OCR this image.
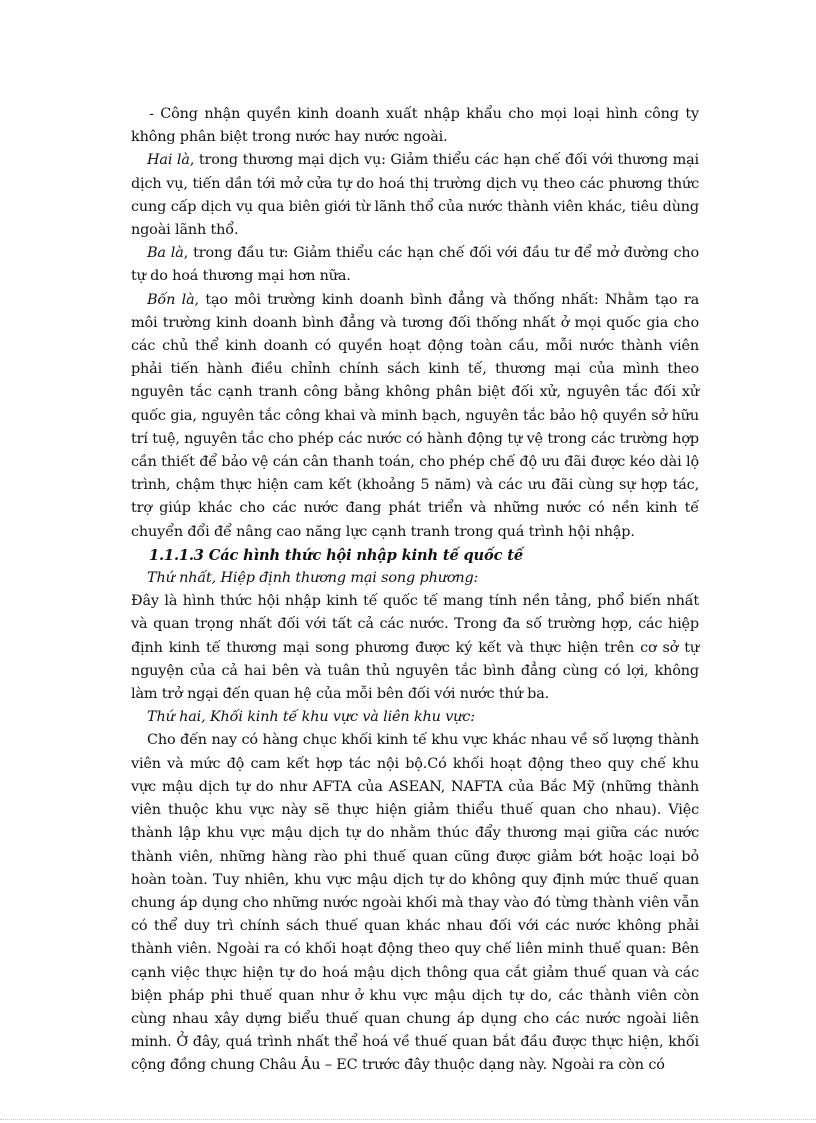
- Công nhận quyền kinh doanh xuất nhập khẩu cho mọi loại hình công ty không phân biệt trong nước hay nước ngoài.

Hai là, trong thương mại dịch vụ: Giảm thiểu các hạn chế đối với thương mại dịch vụ, tiến dần tới mở cửa tự do hoá thị trường dịch vụ theo các phương thức cung cấp dịch vụ qua biên giới từ lãnh thổ của nước thành viên khác, tiêu dùng ngoài lãnh thổ.

Ba là, trong đầu tư: Giảm thiểu các hạn chế đối với đầu tư để mở đường cho tự do hoá thương mại hơn nữa.

Bốn là, tạo môi trường kinh doanh bình đẳng và thống nhất: Nhằm tạo ra môi trường kinh doanh bình đẳng và tương đối thống nhất ở mọi quốc gia cho các chủ thể kinh doanh có quyền hoạt động toàn cầu, mỗi nước thành viên phải tiến hành điều chỉnh chính sách kinh tế, thương mại của mình theo nguyên tắc cạnh tranh công bằng không phân biệt đối xử, nguyên tắc đối xử quốc gia, nguyên tắc công khai và minh bạch, nguyên tắc bảo hộ quyền sở hữu trí tuệ, nguyên tắc cho phép các nước có hành động tự vệ trong các trường hợp cần thiết để bảo vệ cán cân thanh toán, cho phép chế độ ưu đãi được kéo dài lộ trình, chậm thực hiện cam kết (khoảng 5 năm) và các ưu đãi cùng sự hợp tác, trợ giúp khác cho các nước đang phát triển và những nước có nền kinh tế chuyển đổi để nâng cao năng lực cạnh tranh trong quá trình hội nhập.

1.1.1.3 Các hình thức hội nhập kinh tế quốc tế

Thứ nhất, Hiệp định thương mại song phương:

Đây là hình thức hội nhập kinh tế quốc tế mang tính nền tảng, phổ biến nhất và quan trọng nhất đối với tất cả các nước. Trong đa số trường hợp, các hiệp định kinh tế thương mại song phương được ký kết và thực hiện trên cơ sở tự nguyện của cả hai bên và tuân thủ nguyên tắc bình đẳng cùng có lợi, không làm trở ngại đến quan hệ của mỗi bên đối với nước thứ ba.

Thứ hai, Khối kinh tế khu vực và liên khu vực:

Cho đến nay có hàng chục khối kinh tế khu vực khác nhau về số lượng thành viên và mức độ cam kết hợp tác nội bộ.Có khối hoạt động theo quy chế khu vực mậu dịch tự do như AFTA của ASEAN, NAFTA của Bắc Mỹ (những thành viên thuộc khu vực này sẽ thực hiện giảm thiểu thuế quan cho nhau). Việc thành lập khu vực mậu dịch tự do nhằm thúc đẩy thương mại giữa các nước thành viên, những hàng rào phi thuế quan cũng được giảm bớt hoặc loại bỏ hoàn toàn. Tuy nhiên, khu vực mậu dịch tự do không quy định mức thuế quan chung áp dụng cho những nước ngoài khối mà thay vào đó từng thành viên vẫn có thể duy trì chính sách thuế quan khác nhau đối với các nước không phải thành viên. Ngoài ra có khối hoạt động theo quy chế liên minh thuế quan: Bên cạnh việc thực hiện tự do hoá mậu dịch thông qua cắt giảm thuế quan và các biện pháp phi thuế quan như ở khu vực mậu dịch tự do, các thành viên còn cùng nhau xây dựng biểu thuế quan chung áp dụng cho các nước ngoài liên minh. Ở đây, quá trình nhất thể hoá về thuế quan bắt đầu được thực hiện, khối cộng đồng chung Châu Âu – EC trước đây thuộc dạng này. Ngoài ra còn có
